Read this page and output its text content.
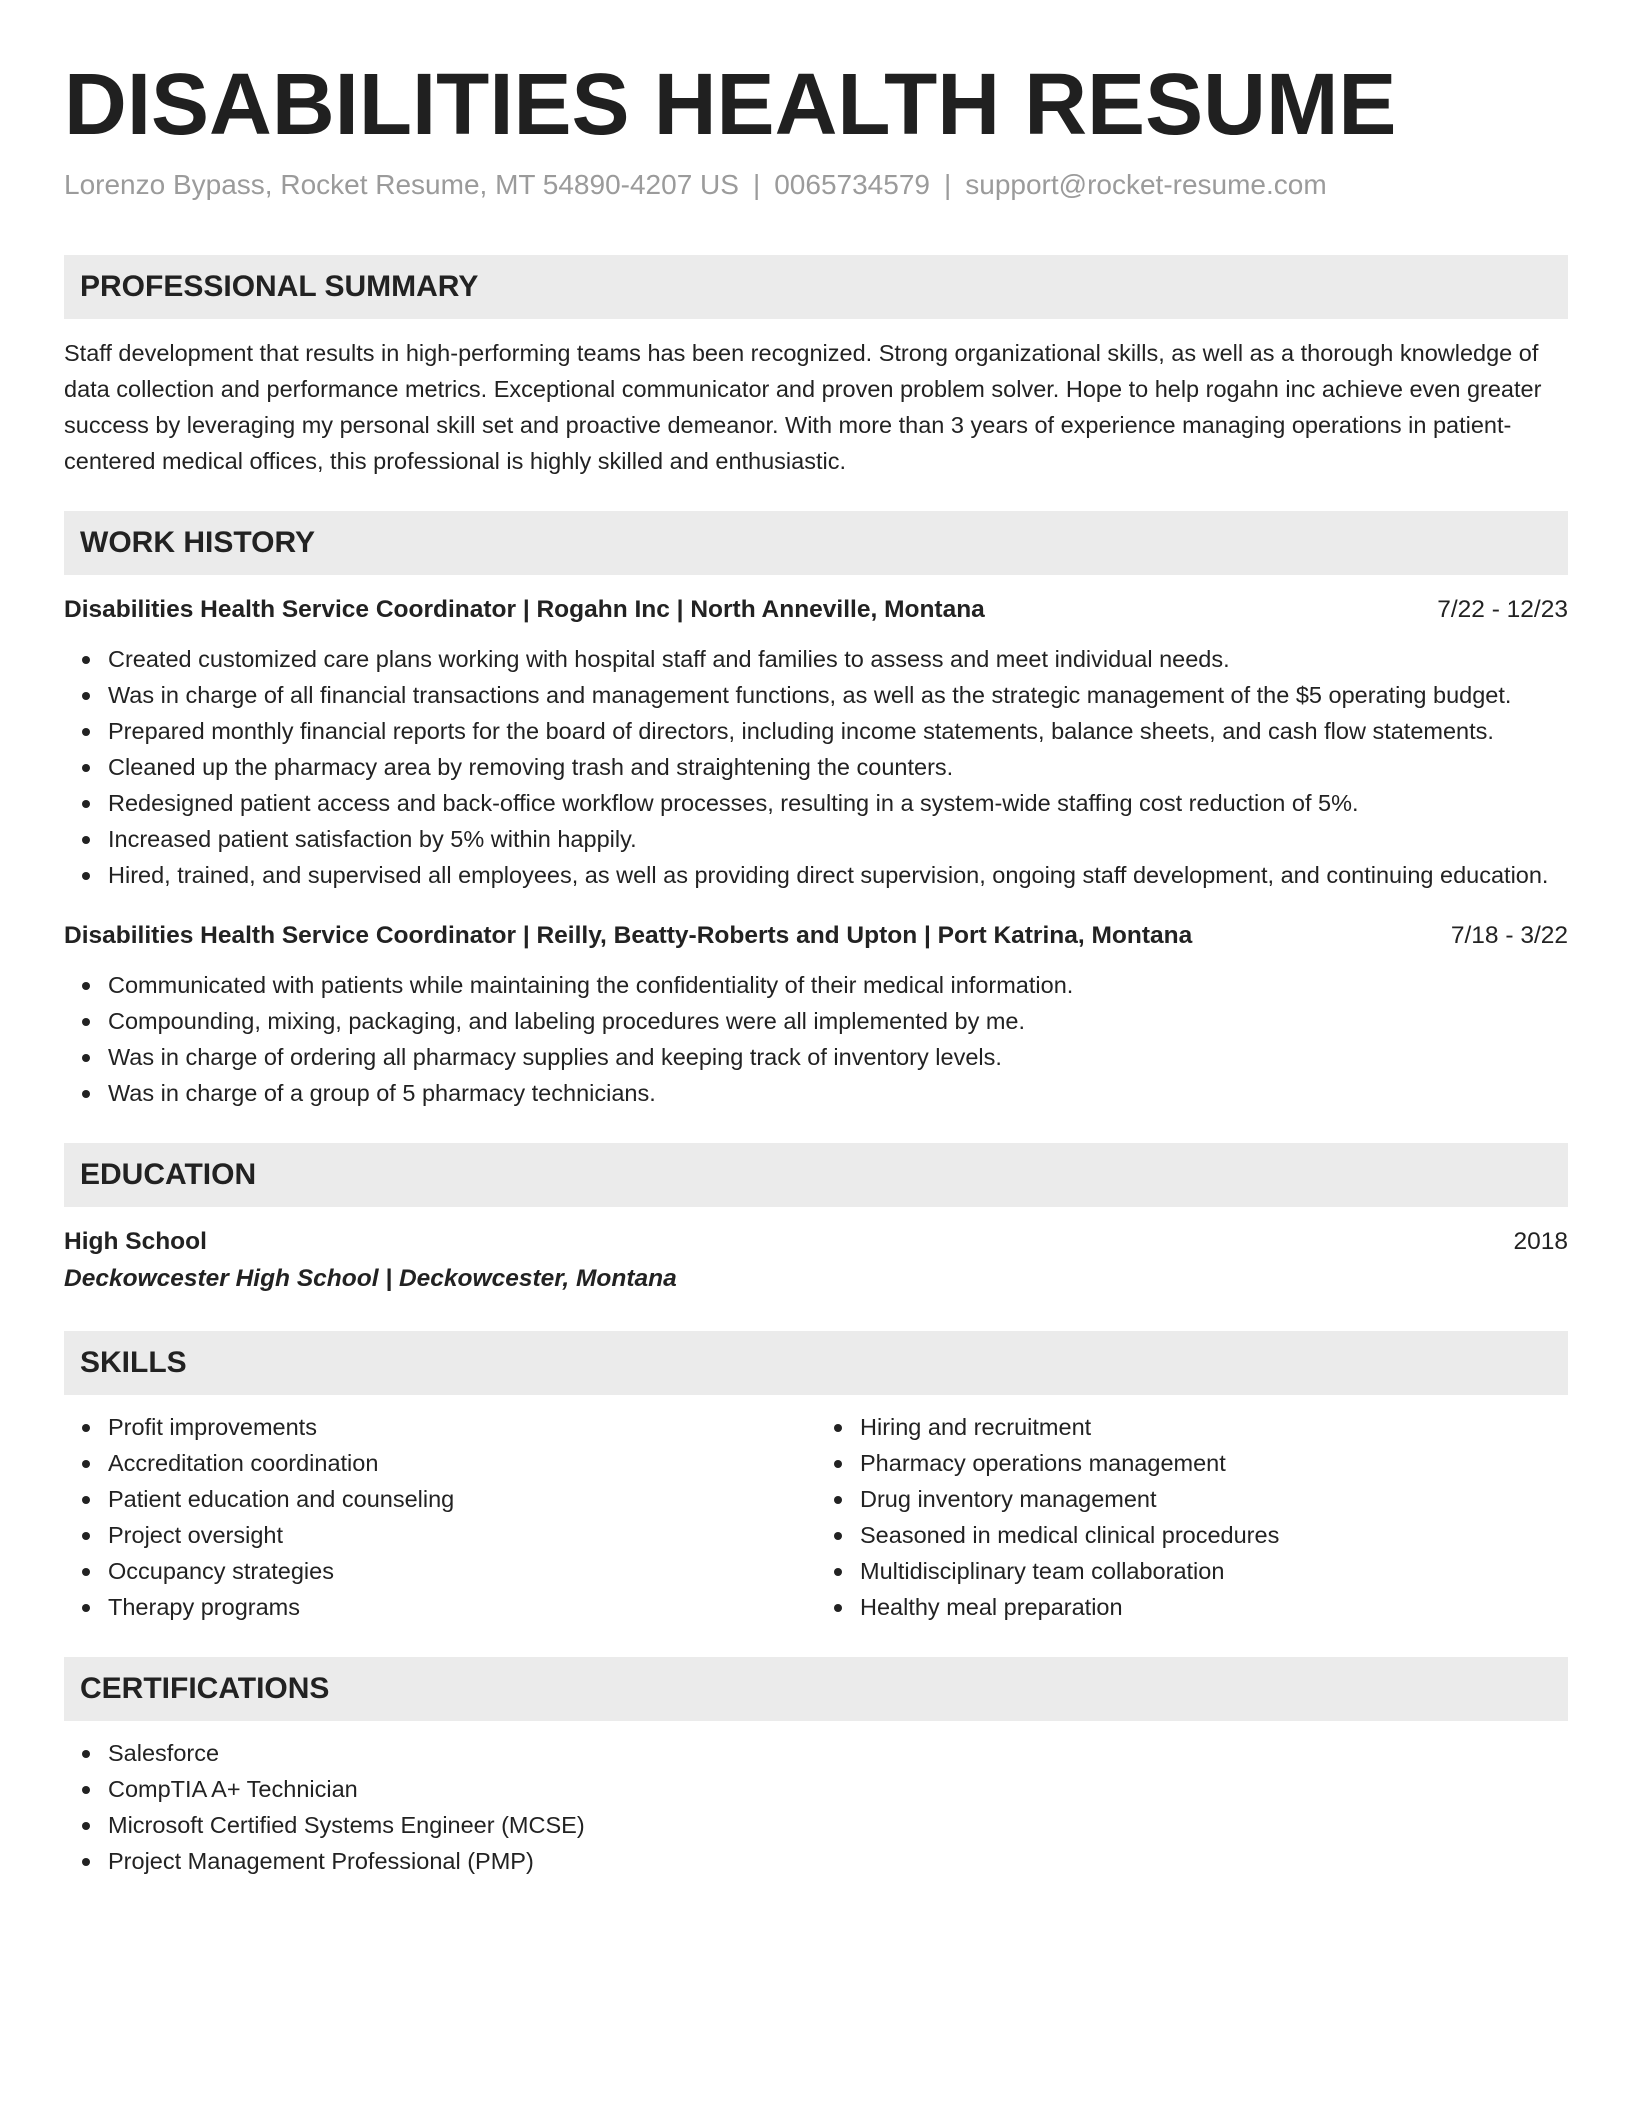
DISABILITIES HEALTH RESUME
Lorenzo Bypass, Rocket Resume, MT 54890-4207 US | 0065734579 | support@rocket-resume.com
PROFESSIONAL SUMMARY

Staff development that results in high-performing teams has been recognized. Strong organizational skills, as well as a thorough knowledge of data collection and performance metrics. Exceptional communicator and proven problem solver. Hope to help rogahn inc achieve even greater success by leveraging my personal skill set and proactive demeanor. With more than 3 years of experience managing operations in patient-centered medical offices, this professional is highly skilled and enthusiastic.

WORK HISTORY
Disabilities Health Service Coordinator | Rogahn Inc | North Anneville, Montana	7/22 - 12/23
Created customized care plans working with hospital staff and families to assess and meet individual needs.
Was in charge of all financial transactions and management functions, as well as the strategic management of the $5 operating budget.
Prepared monthly financial reports for the board of directors, including income statements, balance sheets, and cash flow statements.
Cleaned up the pharmacy area by removing trash and straightening the counters.
Redesigned patient access and back-office workflow processes, resulting in a system-wide staffing cost reduction of 5%.
Increased patient satisfaction by 5% within happily.
Hired, trained, and supervised all employees, as well as providing direct supervision, ongoing staff development, and continuing education.
Disabilities Health Service Coordinator | Reilly, Beatty-Roberts and Upton | Port Katrina, Montana	7/18 - 3/22
Communicated with patients while maintaining the confidentiality of their medical information.
Compounding, mixing, packaging, and labeling procedures were all implemented by me.
Was in charge of ordering all pharmacy supplies and keeping track of inventory levels.
Was in charge of a group of 5 pharmacy technicians.
EDUCATION
High School	2018
Deckowcester High School | Deckowcester, Montana
SKILLS
Profit improvements
Accreditation coordination
Patient education and counseling
Project oversight
Occupancy strategies
Therapy programs
Hiring and recruitment
Pharmacy operations management
Drug inventory management
Seasoned in medical clinical procedures
Multidisciplinary team collaboration
Healthy meal preparation
CERTIFICATIONS
Salesforce
CompTIA A+ Technician
Microsoft Certified Systems Engineer (MCSE)
Project Management Professional (PMP)
